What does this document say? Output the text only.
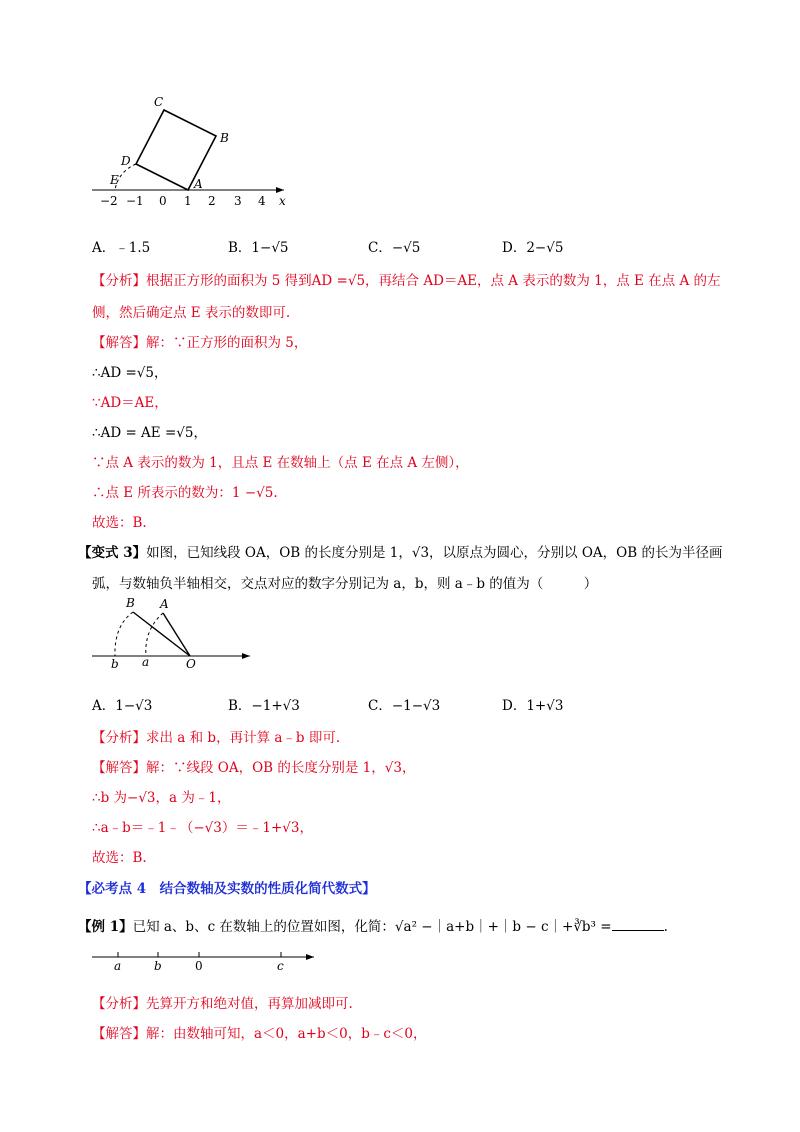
C
B
D
E	A
x
−2 −1 0 1 2 3 4
A．﹣1.5	B．1−√5	C．−√5	D．2−√5
【分析】根据正方形的面积为 5 得到AD =√5，再结合 AD＝AE，点 A 表示的数为 1，点 E 在点 A 的左
侧，然后确定点 E 表示的数即可.
【解答】解：∵正方形的面积为 5，
∴AD =√5，
∵AD＝AE，
∴AD = AE =√5，
∵点 A 表示的数为 1，且点 E 在数轴上（点 E 在点 A 左侧），
∴点 E 所表示的数为：1 −√5.
故选：B.
【变式 3】如图，已知线段 OA，OB 的长度分别是 1，√3，以原点为圆心，分别以 OA，OB 的长为半径画
弧，与数轴负半轴相交，交点对应的数字分别记为 a，b，则 a﹣b 的值为（　　　）
B A
O
b a
A．1−√3	B．−1+√3	C．−1−√3	D．1+√3
【分析】求出 a 和 b，再计算 a﹣b 即可.
【解答】解：∵线段 OA，OB 的长度分别是 1，√3，
∴b 为−√3，a 为﹣1，
∴a﹣b＝﹣1﹣（−√3）＝﹣1+√3，
故选：B.
【必考点 4　结合数轴及实数的性质化简代数式】
【例 1】已知 a、b、c 在数轴上的位置如图，化简：√a² −｜a+b｜+｜b − c｜+∛b³ =	.
a	b	0	c
【分析】先算开方和绝对值，再算加减即可.
【解答】解：由数轴可知，a＜0，a+b＜0，b﹣c＜0，
